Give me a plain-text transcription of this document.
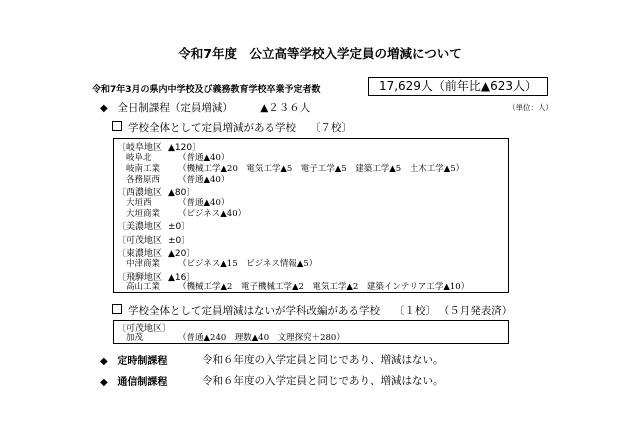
令和7年度　公立高等学校入学定員の増減について
令和7年3月の県内中学校及び義務教育学校卒業予定者数	17,629人（前年比▲623人）
◆ 全日制課程（定員増減）	▲２３６人	（単位：人）
学校全体として定員増減がある学校 〔７校〕
〔岐阜地区 ▲120〕
岐阜北	（普通▲40）
岐南工業 （機械工学▲20　電気工学▲5　電子工学▲5　建築工学▲5　土木工学▲5）
各務原西 （普通▲40）
〔西濃地区 ▲80〕
大垣西	（普通▲40）
大垣商業 （ビジネス▲40）
〔美濃地区 ±0〕
〔可茂地区 ±0〕
〔東濃地区 ▲20〕
中津商業 （ビジネス▲15　ビジネス情報▲5）
〔飛騨地区 ▲16〕
高山工業 （機械工学▲2　電子機械工学▲2　電気工学▲2　建築インテリア工学▲10）
学校全体として定員増減はないが学科改編がある学校 〔１校〕 （５月発表済）
〔可茂地区〕
加茂	（普通▲240　理数▲40　文理探究＋280）
◆ 定時制課程	令和６年度の入学定員と同じであり、増減はない。
◆ 通信制課程	令和６年度の入学定員と同じであり、増減はない。
